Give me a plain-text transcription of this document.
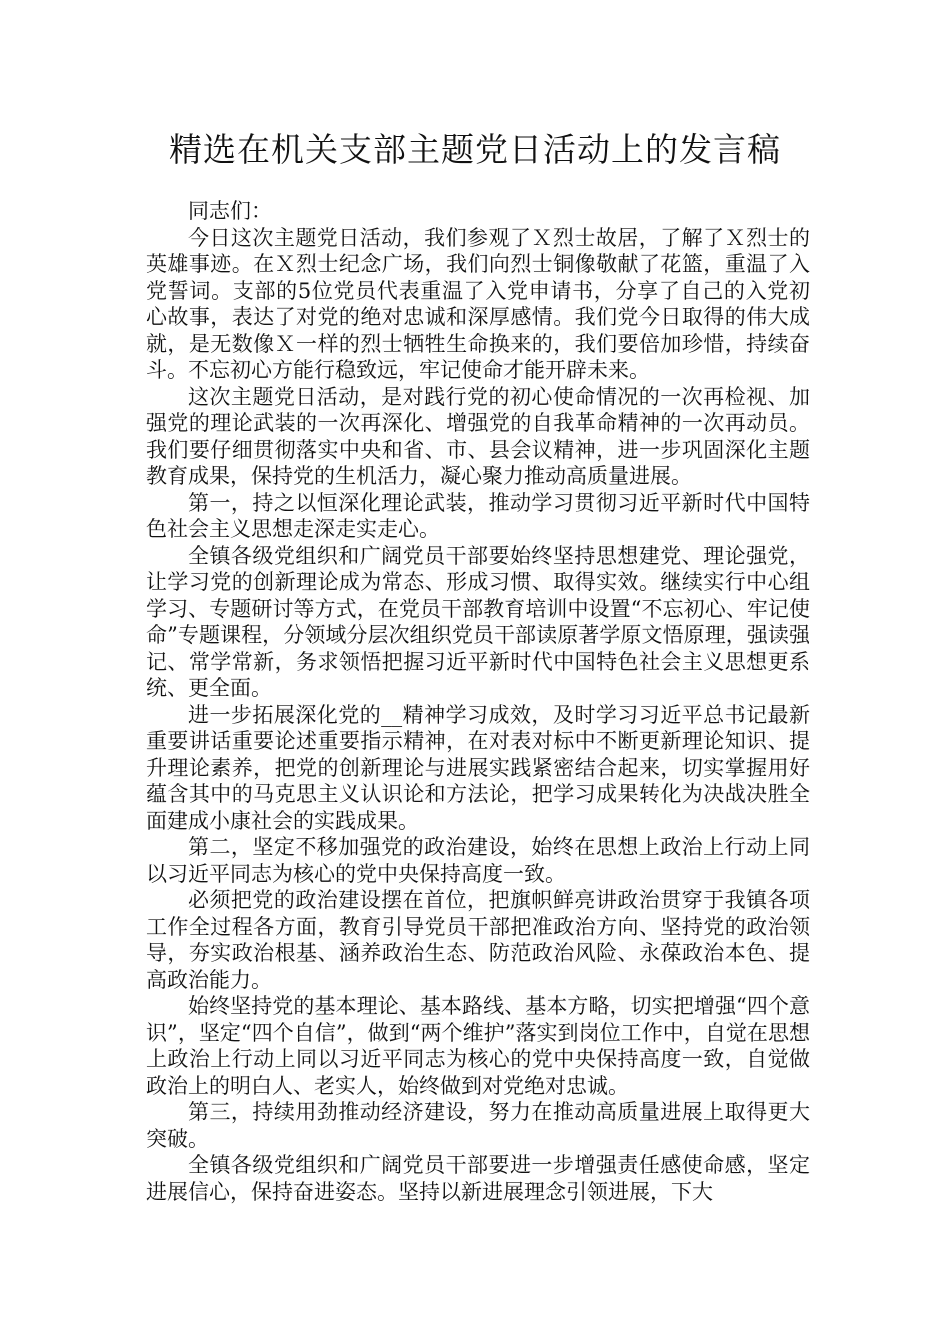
精选在机关支部主题党日活动上的发言稿

同志们：

今日这次主题党日活动，我们参观了Ｘ烈士故居，了解了Ｘ烈士的英雄事迹。在Ｘ烈士纪念广场，我们向烈士铜像敬献了花篮，重温了入党誓词。支部的5位党员代表重温了入党申请书，分享了自己的入党初心故事，表达了对党的绝对忠诚和深厚感情。我们党今日取得的伟大成就，是无数像Ｘ一样的烈士牺牲生命换来的，我们要倍加珍惜，持续奋斗。不忘初心方能行稳致远，牢记使命才能开辟未来。

这次主题党日活动，是对践行党的初心使命情况的一次再检视、加强党的理论武装的一次再深化、增强党的自我革命精神的一次再动员。我们要仔细贯彻落实中央和省、市、县会议精神，进一步巩固深化主题教育成果，保持党的生机活力，凝心聚力推动高质量进展。

第一，持之以恒深化理论武装，推动学习贯彻习近平新时代中国特色社会主义思想走深走实走心。

全镇各级党组织和广阔党员干部要始终坚持思想建党、理论强党，让学习党的创新理论成为常态、形成习惯、取得实效。继续实行中心组学习、专题研讨等方式，在党员干部教育培训中设置“不忘初心、牢记使命”专题课程，分领域分层次组织党员干部读原著学原文悟原理，强读强记、常学常新，务求领悟把握习近平新时代中国特色社会主义思想更系统、更全面。

进一步拓展深化党的__精神学习成效，及时学习习近平总书记最新重要讲话重要论述重要指示精神，在对表对标中不断更新理论知识、提升理论素养，把党的创新理论与进展实践紧密结合起来，切实掌握用好蕴含其中的马克思主义认识论和方法论，把学习成果转化为决战决胜全面建成小康社会的实践成果。

第二，坚定不移加强党的政治建设，始终在思想上政治上行动上同以习近平同志为核心的党中央保持高度一致。

必须把党的政治建设摆在首位，把旗帜鲜亮讲政治贯穿于我镇各项工作全过程各方面，教育引导党员干部把准政治方向、坚持党的政治领导，夯实政治根基、涵养政治生态、防范政治风险、永葆政治本色、提高政治能力。

始终坚持党的基本理论、基本路线、基本方略，切实把增强“四个意识”，坚定“四个自信”，做到“两个维护”落实到岗位工作中，自觉在思想上政治上行动上同以习近平同志为核心的党中央保持高度一致，自觉做政治上的明白人、老实人，始终做到对党绝对忠诚。

第三，持续用劲推动经济建设，努力在推动高质量进展上取得更大突破。

全镇各级党组织和广阔党员干部要进一步增强责任感使命感，坚定进展信心，保持奋进姿态。坚持以新进展理念引领进展，下大
